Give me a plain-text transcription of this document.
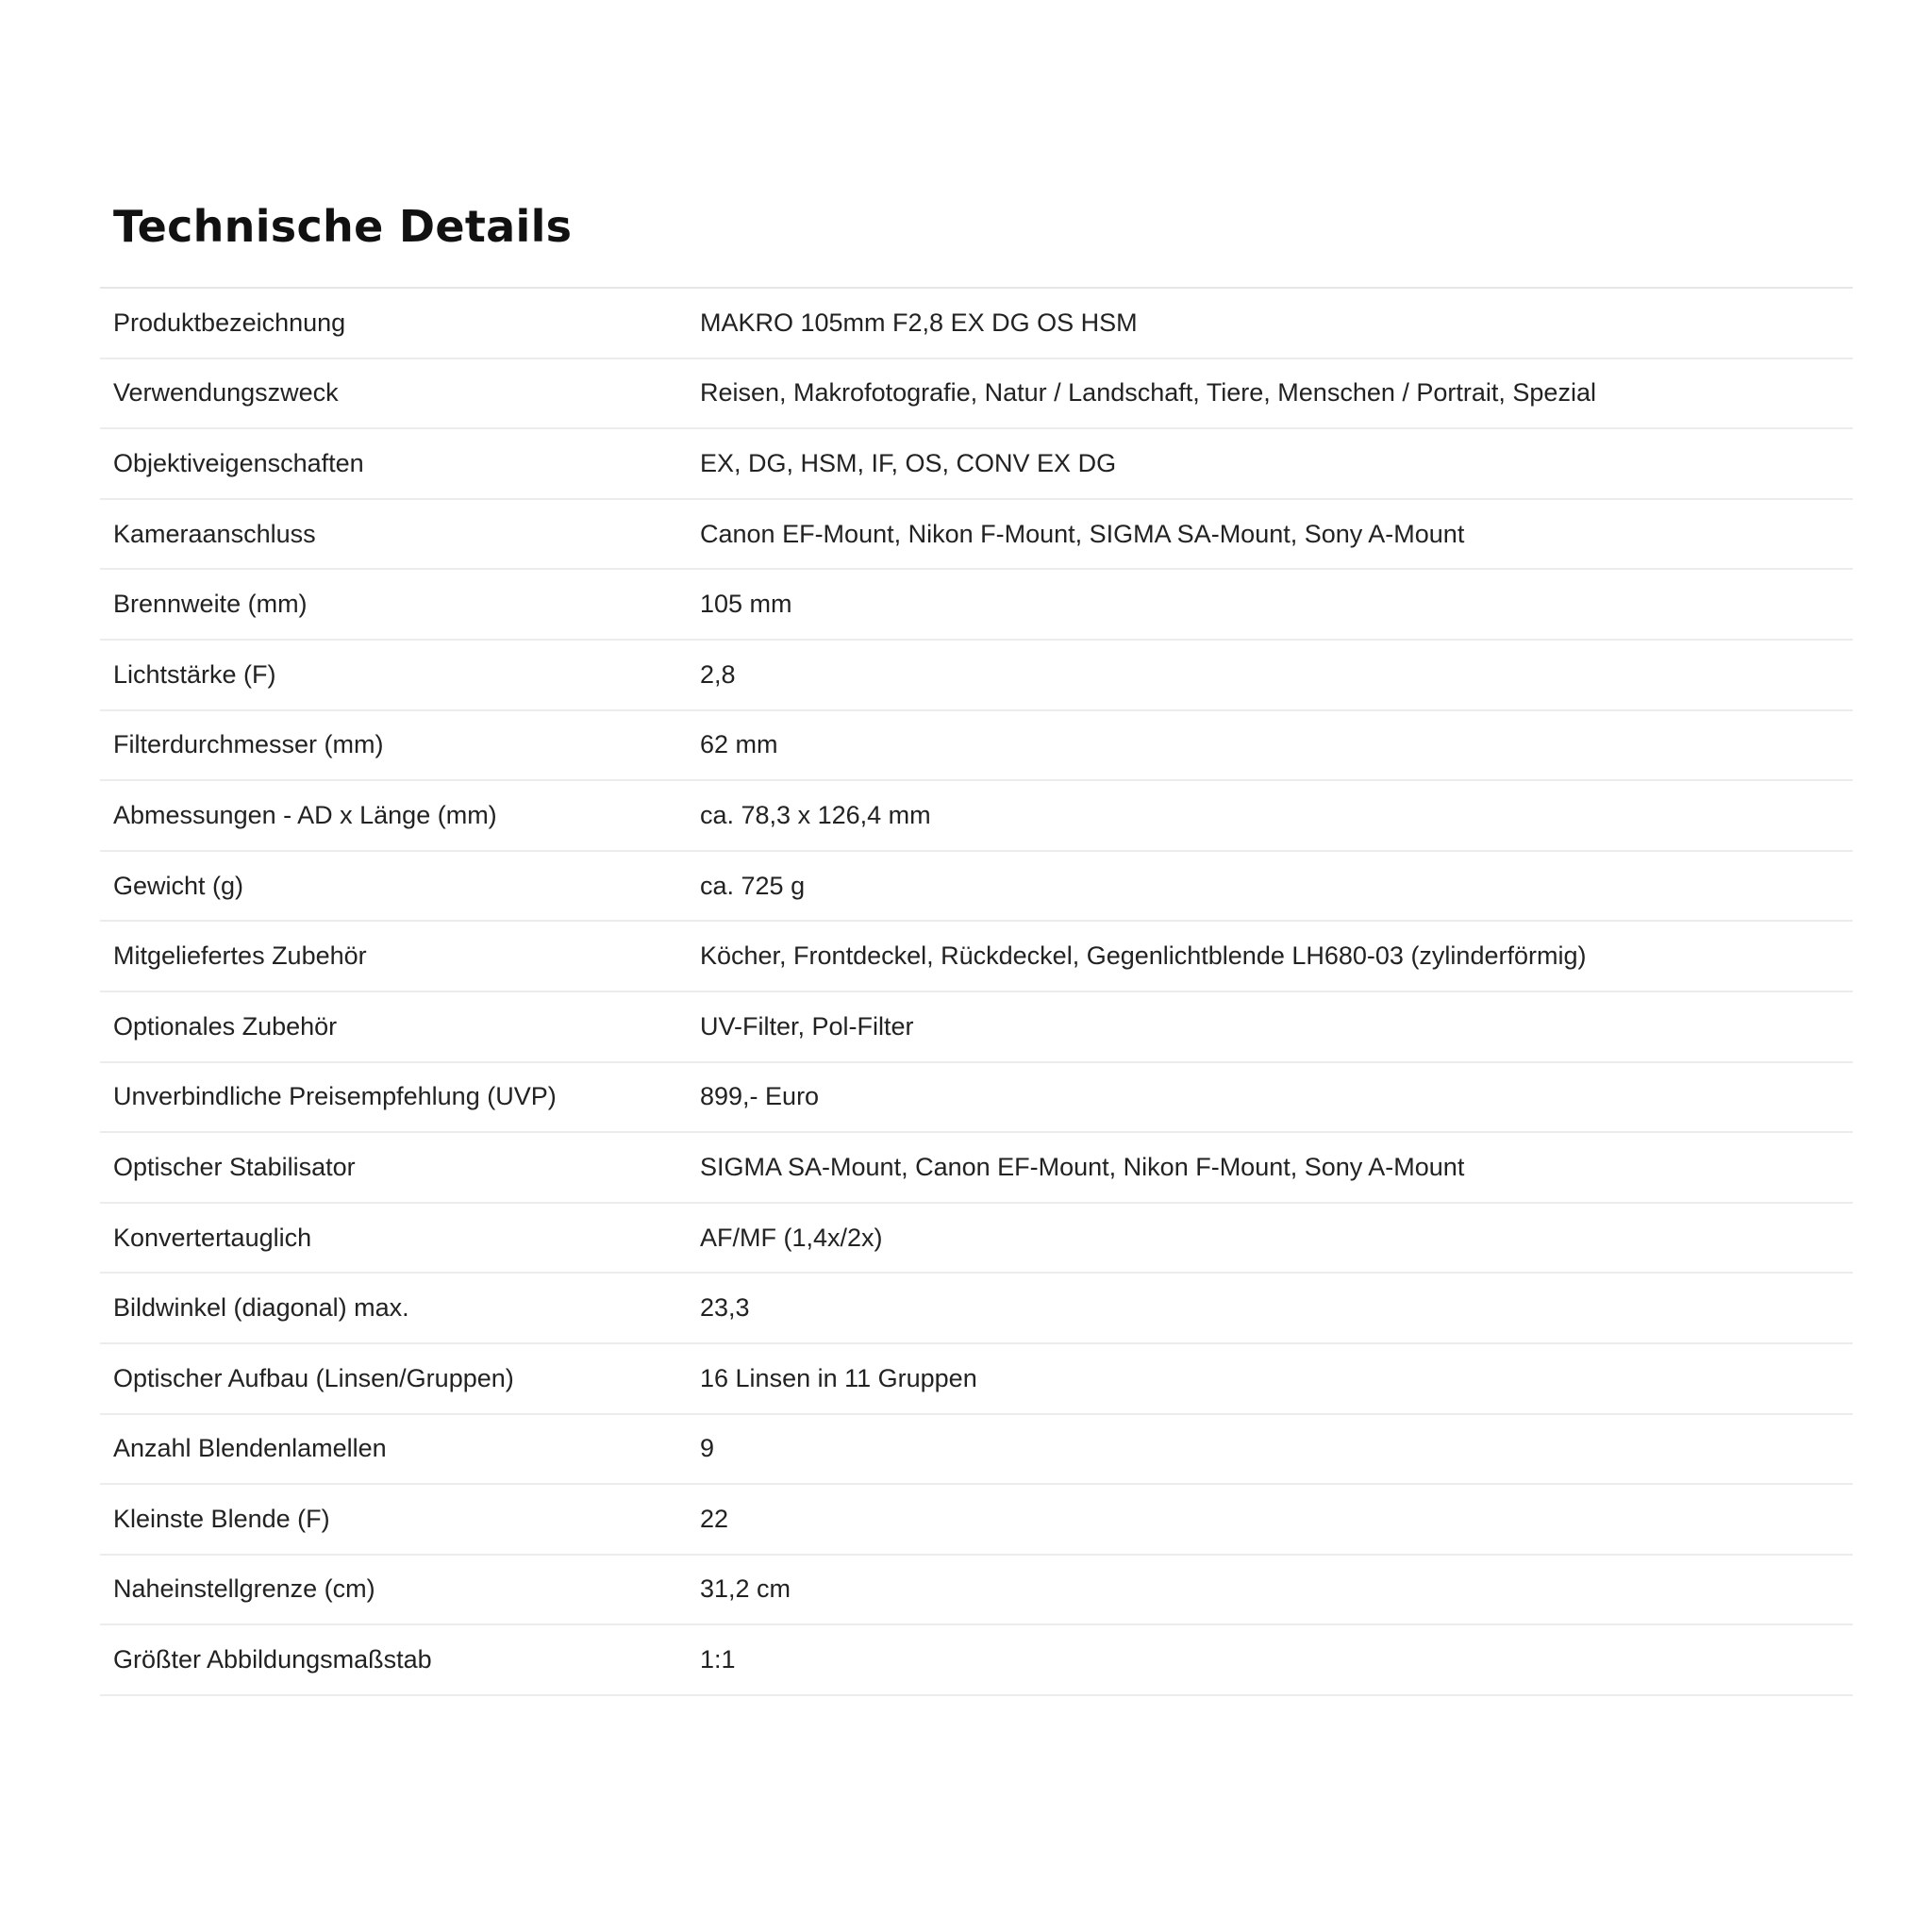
Technische Details
Produktbezeichnung	MAKRO 105mm F2,8 EX DG OS HSM
Verwendungszweck	Reisen, Makrofotografie, Natur / Landschaft, Tiere, Menschen / Portrait, Spezial
Objektiveigenschaften	EX, DG, HSM, IF, OS, CONV EX DG
Kameraanschluss	Canon EF-Mount, Nikon F-Mount, SIGMA SA-Mount, Sony A-Mount
Brennweite (mm)	105 mm
Lichtstärke (F)	2,8
Filterdurchmesser (mm)	62 mm
Abmessungen - AD x Länge (mm)	ca. 78,3 x 126,4 mm
Gewicht (g)	ca. 725 g
Mitgeliefertes Zubehör	Köcher, Frontdeckel, Rückdeckel, Gegenlichtblende LH680-03 (zylinderförmig)
Optionales Zubehör	UV-Filter, Pol-Filter
Unverbindliche Preisempfehlung (UVP)	899,- Euro
Optischer Stabilisator	SIGMA SA-Mount, Canon EF-Mount, Nikon F-Mount, Sony A-Mount
Konvertertauglich	AF/MF (1,4x/2x)
Bildwinkel (diagonal) max.	23,3
Optischer Aufbau (Linsen/Gruppen)	16 Linsen in 11 Gruppen
Anzahl Blendenlamellen	9
Kleinste Blende (F)	22
Naheinstellgrenze (cm)	31,2 cm
Größter Abbildungsmaßstab	1:1
